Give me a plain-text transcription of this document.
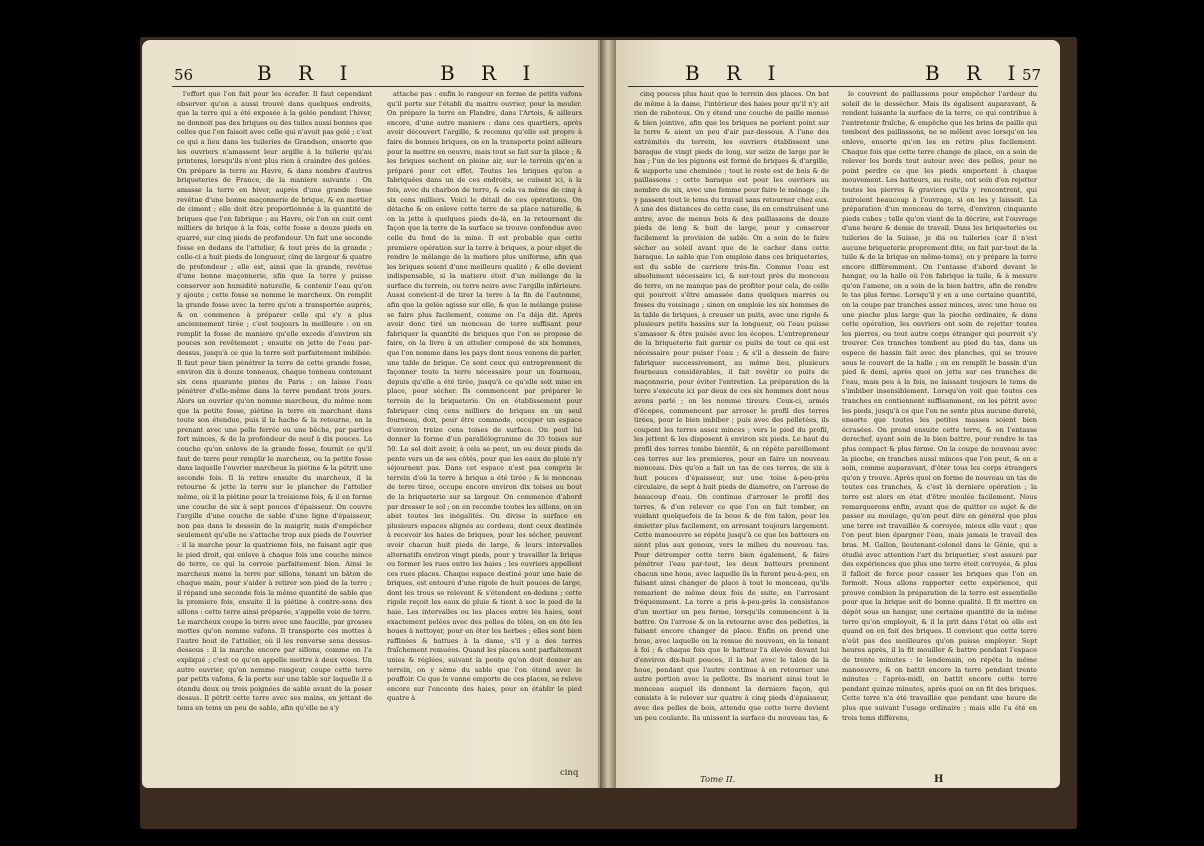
56	B R I	B R I

l'effort que l'on fait pour les écrafer. Il faut cependant observer qu'on a aussi trouvé dans quelques endroits, que la terre qui a été exposée à la gelée pendant l'hiver, ne donnoit pas des briques ou des tuiles aussi bonnes que celles que l'on faisoit avec celle qui n'avoit pas gelé ; c'est ce qui a lieu dans les tuileries de Grandson, ensorte que les ouvriers n'amassent leur argille à la tuilerie qu'au printems, lorsqu'ils n'ont plus rien à craindre des gelées. On prépare la terre au Havre, & dans nombre d'autres briqueteries de France, de la maniere suivante : On amasse la terre en hiver, auprès d'une grande fosse revêtue d'une bonne maçonnerie de brique, & en mortier de ciment ; elle doit être proportionnée à la quantité de briques que l'on fabrique ; au Havre, où l'on en cuit cent milliers de brique à la fois, cette fosse a douze pieds en quarré, sur cinq pieds de profondeur. Un fait une seconde fosse en dedans de l'attelier, & tout près de la grande ; celle-ci a huit pieds de longueur, cinq de largeur & quatre de profondeur ; elle est, ainsi que la grande, revêtue d'une bonne maçonnerie, afin que la terre y puisse conserver son humidité naturelle, & contenir l'eau qu'on y ajoute ; cette fosse se nomme le marcheux. On remplit la grande fosse avec la terre qu'on a transportée auprès, & on commence à préparer celle qui s'y a plus anciennement tirée ; c'est toujours la meilleure : on en remplit la fosse de maniere qu'elle excede d'environ six pouces son revêtement ; ensuite on jette de l'eau par-dessus, jusqu'à ce que la terre soit parfaitement imbibée. Il faut pour bien pénétrer la terre de cette grande fosse, environ dix à douze tonneaux, chaque tonneau contenant six cens quarante pintes de Paris : on laisse l'eau pénétrer d'elle-même dans la terre pendant trois jours. Alors un ouvrier qu'on nomme marcheux, du même nom que la petite fosse, piétine la terre en marchant dans toute son étendue, puis il la hache & la retourne, en la prenant avec une pelle ferrée ou une bêche, par parties fort minces, & de la profondeur de neuf à dix pouces. La couche qu'on enleve de la grande fosse, fournit ce qu'il faut de terre pour remplir le marcheux, ou la petite fosse dans laquelle l'ouvrier marcheux la piétine & la pétrit une seconde fois. Il la retire ensuite du marcheux, il la retourne & jette la terre sur le plancher de l'attelier même, où il la piétine pour la troisieme fois, & il en forme une couche de six à sept pouces d'épaisseur. On couvre l'argille d'une couche de sable d'une ligne d'épaisseur, non pas dans le dessein de la maigrir, mais d'empêcher seulement qu'elle ne s'attache trop aux pieds de l'ouvrier : il la marche pour la quatrieme fois, ne faisant agir que le pied droit, qui enleve à chaque fois une couche mince de terre, ce qui la corroie parfaitement bien. Ainsi le marcheux mene la terre par sillons, tenant un bâton de chaque main, pour s'aider à retirer son pied de la terre ; il répand une seconde fois la même quantité de sable que la premiere fois, ensuite il la piétine à contre-sens des sillons : cette terre ainsi préparée, s'appelle voie de terre. Le marcheux coupe la terre avec une faucille, par grosses mottes qu'on nomme vafons. Il transporte ces mottes à l'autre bout de l'attelier, où il les renverse sens dessus-dessous : il la marche encore par sillons, comme on l'a expliqué ; c'est ce qu'on appelle mettre à deux voies. Un autre ouvrier, qu'on nomme rangeur, coupe cette terre par petits vafons, & la porte sur une table sur laquelle il a étendu deux ou trois poignées de sable avant de la poser dessus. Il pétrit cette terre avec ses mains, en jettant de tems en tems un peu de sable, afin qu'elle ne s'y

attache pas : enfin le rangeur en forme de petits vafons qu'il porte sur l'établi du maitre ouvrier, pour la mouler. On prépare la terre en Flandre, dans l'Artois, & ailleurs encore, d'une autre maniere : dans ces quartiers, après avoir découvert l'argille, & reconnu qu'elle est propre à faire de bonnes briques, on en la transporte point ailleurs pour la mettre en oeuvre, mais tout se fait sur la place ; & les briques sechent en pleine air, sur le terrein qu'on a préparé pour cet effet. Toutes les briques qu'on a fabriquées dans un de ces endroits, se cuisent ici, à la fois, avec du charbon de terre, & cela va même de cinq à six cens milliers. Voici le détail de ces opérations. On détache & on enleve cette terre de sa place naturelle, & on la jette à quelques pieds de-là, en la retournant de façon que la terre de la surface se trouve confondue avec celle du fond de la mine. Il est probable que cette premiere opération sur la terre à briques, a pour objet de rendre le mélange de la matiere plus uniforme, afin que les briques soient d'une meilleure qualité ; & elle devient indispensable, si la matiere étoit d'un mélange de la surface du terrein, ou terre noire avec l'argille inférieure. Aussi convient-il de tirer la terre à la fin de l'automne, afin que la gelée agisse sur elle, & que le mélange puisse se faire plus facilement, comme on l'a déja dit. Après avoir donc tiré un monceau de terre suffisant pour fabriquer la quantité de briques que l'on se propose de faire, on la livre à un attelier composé de six hommes, que l'on nomme dans les pays dont nous venons de parler, une table de brique. Ce sont ceux qui entreprennent de façonner toute la terre nécessaire pour un fourneau, depuis qu'elle a été tirée, jusqu'à ce qu'elle soit mise en place, pour sécher. Ils commencent par préparer le terrein de la briqueterie. On en établissement pour fabriquer cinq cens milliers de briques en un seul fourneau, doit, pour être commode, occuper un espace d'environ treize cens toises de surface. On peut lui donner la forme d'un parallélogramme de 35 toises sur 50. Le sol doit avoir, à cela se peut, un ou deux pieds de pente vers un de ses côtés, pour que les eaux de pluie n'y séjournent pas. Dans cet espace n'est pas compris le terrein d'où la terre à brique a été tirée ; & le monceau de terre tiree, occupe encore environ dix toises au bout de la briqueterie sur sa largeur. On commence d'abord par dresser le sol ; on en recombe toutes les sillons, on en abat toutes les inégalités. On divise la surface en plusieurs espaces alignés au cordeau, dont ceux destinés à recevoir les haies de briques, pour les sécher, peuvent avoir chacun huit pieds de large, & leurs intervalles alternatifs environ vingt pieds, pour y travailler la brique ou former les rues entre les haies ; les ouvriers appellent ces rues places. Chaque espace destiné pour une haie de briques, est entouré d'une rigole de huit pouces de large, dont les trous se relevent & s'étendent en-dedans ; cette rigole reçoit les eaux de pluie & tient à sec le pied de la haie. Les intervalles ou les places entre les haies, sont exactement pelées avec des pelles de tôles, on en ôte les houes à nettoyer, pour en ôter les herbes ; elles sont bien raffinées & battues à la dame, s'il y a des terres fraîchement remuées. Quand les places sont parfaitement unies & réglées, suivant la pente qu'on doit donner au terrein, on y sème du sable que l'on étend avec le pouffoir. Ce que le vanne emporte de ces places, se releve encore sur l'encente des haies, pour en établir le pied quatre à

cinq
B R I	B R I
57

cinq pouces plus haut que le terrein des places. On bat de même à la dame, l'intérieur des haies pour qu'il n'y ait rien de raboteux. On y étend une couche de paille menue & bien jointive, afin que les briques ne portent point sur la terre & aient un peu d'air par-dessous. A l'une des extrémités du terrein, les ouvriers établissent une baraque de vingt pieds de long, sur seize de large par le bas ; l'un de les pignons est formé de briques & d'argille, & supporte une cheminée ; tout le reste est de bois & de paillassons ; cette baraque est pour les ouvriers au nombre de six, avec une femme pour faire le ménage ; ils y passent tout le tems du travail sans retourner chez eux. A une des distances de cette case, ils en construisent une autre, avec de menus bois & des paillassons de douze pieds de long & huit de large, pour y conserver facilement la provision de sable. On a soin de le faire sécher au soleil avant que de le cacher dans cette baraque. Le sable que l'on emploie dans ces briqueteries, est du sable de carriere très-fin. Comme l'eau est absolument nécessaire ici, & sur-tout près du monceau de terre, on ne manque pas de profiter pour cela, de celle qui pourroit s'être amassée dans quelques marres ou fosses du voisinage ; sinon on emploie les six hommes de la table de briques, à creuser un puits, avec une rigole & plusieurs petits bassins sur la longueur, où l'eau puisse s'amasser & être puisée avec les écopes. L'entrepreneur de la briqueterie fait garnir ce puits de tout ce qui est nécessaire pour puiser l'eau ; & s'il a dessein de faire fabriquer successivement, au même lieu, plusieurs fourneaux considérables, il fait revêtir ce puits de maçonnerie, pour éviter l'entretien. La préparation de la terre s'exécute ici par deux de ces six hommes dont nous avons parlé ; on les nomme tireurs. Ceux-ci, armés d'écopes, commencent par arroser le profil des terres tirées, pour le bien imbiber ; puis avec des pelletées, ils coupent les terres assez minces ; vers le pied du profil, les jettent & les disposent à environ six pieds. Le haut du profil des terres tombe bientôt, & on répète pareillement ces terres sur les premieres, pour en faire un nouveau monceau. Dès qu'on a fait un tas de ces terres, de six à huit pouces d'épaisseur, sur une toise à-peu-près circulaire, de sept à huit pieds de diametre, on l'arrose de beaucoup d'eau. On continue d'arroser le profil des terres, & d'en relever ce que l'on en fait tomber, en vuidant quelquefois de la boue & de fon talon, pour les émietter plus facilement, en arrosant toujours largement. Cette manoeuvre se répète jusqu'à ce que les batteurs en aient plus aux genoux, vers le milieu du nouveau tas. Pour détremper cette terre bien également, & faire pénétrer l'eau par-tout, les deux batteurs prennent chacun une houe, avec laquelle ils la furent peu-à-peu, en faisant ainsi changer de place à tout le monceau, qu'ils remarient de même deux fois de suite, en l'arrosant fréquemment. La terre a pris à-peu-près la consistance d'un mortier un peu ferme, lorsqu'ils commencent à la battre. On l'arrose & on la retourne avec des pellettes, la faisant encore changer de place. Enfin on prend une houe, avec laquelle on la remue de nouveau, en la tenant à foi ; & chaque fois que le batteur l'a élevée devant lui d'environ dix-huit pouces, il la bat avec le talon de la houe, pendant que l'autre continue à en retourner une autre portion avec la pellotte. Ils marient ainsi tout le monceau auquel ils donnent la derniere façon, qui consiste à le relever sur quatre à cinq pieds d'épaisseur, avec des pelles de bois, attendu que cette terre devient un peu coulante. Ils unissent la surface du nouveau tas, &

le couvrent de paillassons pour empêcher l'ardeur du soleil de le dessécher. Mais ils égalisent auparavant, & rendent luisante la surface de la terre, ce qui contribue à l'entretenir fraîche, & empêche que les brins de paille qui tombent des paillassons, ne se mêlent avec lorsqu'on les enleve, ensorte qu'on les en retire plus facilement. Chaque fois que cette terre change de place, on a soin de relever les bords tout autour avec des pelles, pour ne point perdre ce que les pieds emportent à chaque mouvement. Les batteurs, au reste, ont soin d'en rejetter toutes les pierres & graviers qu'ils y rencontrent, qui nuiroient beaucoup à l'ouvrage, si on les y laissoit. La préparation d'un monceau de terre, d'environ cinquante pieds cubes ; telle qu'on vient de la décrire, est l'ouvrage d'une heure & demie de travail. Dans les briqueteries ou tuileries de la Suisse, je dis ou tuileries (car il n'est aucune briqueterie proprement dite, on fait par-tout de la tuile & de la brique en même-tems), on y prépare la terre encore différemment. On l'entasse d'abord devant le hangar, ou la halle où l'on fabrique la tuile, & à mesure qu'on l'amene, on a soin de la bien battre, afin de rendre le tas plus ferme. Lorsqu'il y en a une certaine quantité, on la coupe par tranches assez minces, avec une houe ou une pioche plus large que la pioche ordinaire, & dans cette opération, les ouvriers ont soin de rejetter toutes les pierres, ou tout autre corps étranger qui pourroit s'y trouver. Ces tranches tombent au pied du tas, dans un espece de bassin fait avec des planches, qui se trouve sous le couvert de la halle ; on en remplit le bassin d'un pied & demi, après quoi on jette sur ces tranches de l'eau, mais peu à la fois, ne laissant toujours le tems de s'imbiber insensiblement. Lorsqu'on voit que toutes ces tranches en contiennent suffisamment, on les pétrit avec les pieds, jusqu'à ce que l'on ne sente plus aucune dureté, ensorte que toutes les petites masses soient bien écrasées. On prend ensuite cette terre, & on l'entasse derechef, ayant soin de la bien battre, pour rendre le tas plus compact & plus ferme. On la coupe de nouveau avec la pioche, en tranches aussi minces que l'on peut, & on a soin, comme auparavant, d'ôter tous les corps étrangers qu'on y trouve. Après quoi on forme de nouveau un tas de toutes ces tranches, & c'est là derniere opération ; la terre est alors en état d'être moulée facilement. Nous remarquerons enfin, avant que de quitter ce sujet & de passer au moulage, qu'on peut dire en général que plus une terre est travaillée & corroyée, mieux elle vaut ; que l'on peut bien épargner l'eau, mais jamais le travail des bras. M. Gallon, lieutenant-colonel dans le Génie, qui a étudié avec attention l'art du briquetier, s'est assuré par des expériences que plus une terre étoit corroyée, & plus il falloit de force pour casser les briques que l'on en formoit. Nous allons rapporter cette expérience, qui prouve combien la préparation de la terre est essentielle pour que la brique soit de bonne qualité. Il fit mettre en dépôt sous un hangar, une certaine quantité de la même terre qu'on employoit, & il la prit dans l'état où elle est quand on en fait des briques. Il convient que cette terre n'eût pas des meilleures qu'on puisse employer. Sept heures après, il la fit mouiller & battre pendant l'espace de trente minutes : le lendemain, on répéta la même manoeuvre, & on battit encore la terre pendant trente minutes : l'après-midi, on battit encore cette terre pendant quinze minutes, après quoi on en fit des briques. Cette terre n'a été travaillée que pendant une heure de plus que suivant l'usage ordinaire ; mais elle l'a été en trois tems différens,

Tome II.	H
